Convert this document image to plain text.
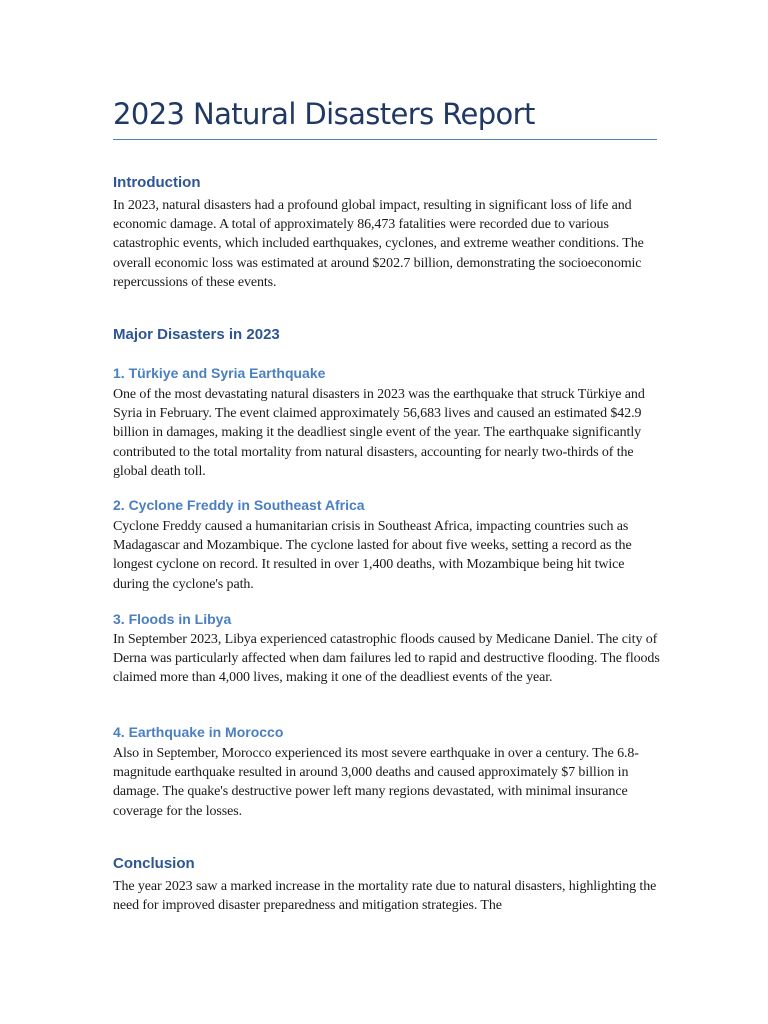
2023 Natural Disasters Report
Introduction

In 2023, natural disasters had a profound global impact, resulting in significant loss of life and economic damage. A total of approximately 86,473 fatalities were recorded due to various catastrophic events, which included earthquakes, cyclones, and extreme weather conditions. The overall economic loss was estimated at around $202.7 billion, demonstrating the socioeconomic repercussions of these events.

Major Disasters in 2023
1. Türkiye and Syria Earthquake

One of the most devastating natural disasters in 2023 was the earthquake that struck Türkiye and Syria in February. The event claimed approximately 56,683 lives and caused an estimated $42.9 billion in damages, making it the deadliest single event of the year. The earthquake significantly contributed to the total mortality from natural disasters, accounting for nearly two-thirds of the global death toll.

2. Cyclone Freddy in Southeast Africa

Cyclone Freddy caused a humanitarian crisis in Southeast Africa, impacting countries such as Madagascar and Mozambique. The cyclone lasted for about five weeks, setting a record as the longest cyclone on record. It resulted in over 1,400 deaths, with Mozambique being hit twice during the cyclone's path.

3. Floods in Libya

In September 2023, Libya experienced catastrophic floods caused by Medicane Daniel. The city of Derna was particularly affected when dam failures led to rapid and destructive flooding. The floods claimed more than 4,000 lives, making it one of the deadliest events of the year.

4. Earthquake in Morocco

Also in September, Morocco experienced its most severe earthquake in over a century. The 6.8-magnitude earthquake resulted in around 3,000 deaths and caused approximately $7 billion in damage. The quake's destructive power left many regions devastated, with minimal insurance coverage for the losses.

Conclusion

The year 2023 saw a marked increase in the mortality rate due to natural disasters, highlighting the need for improved disaster preparedness and mitigation strategies. The
